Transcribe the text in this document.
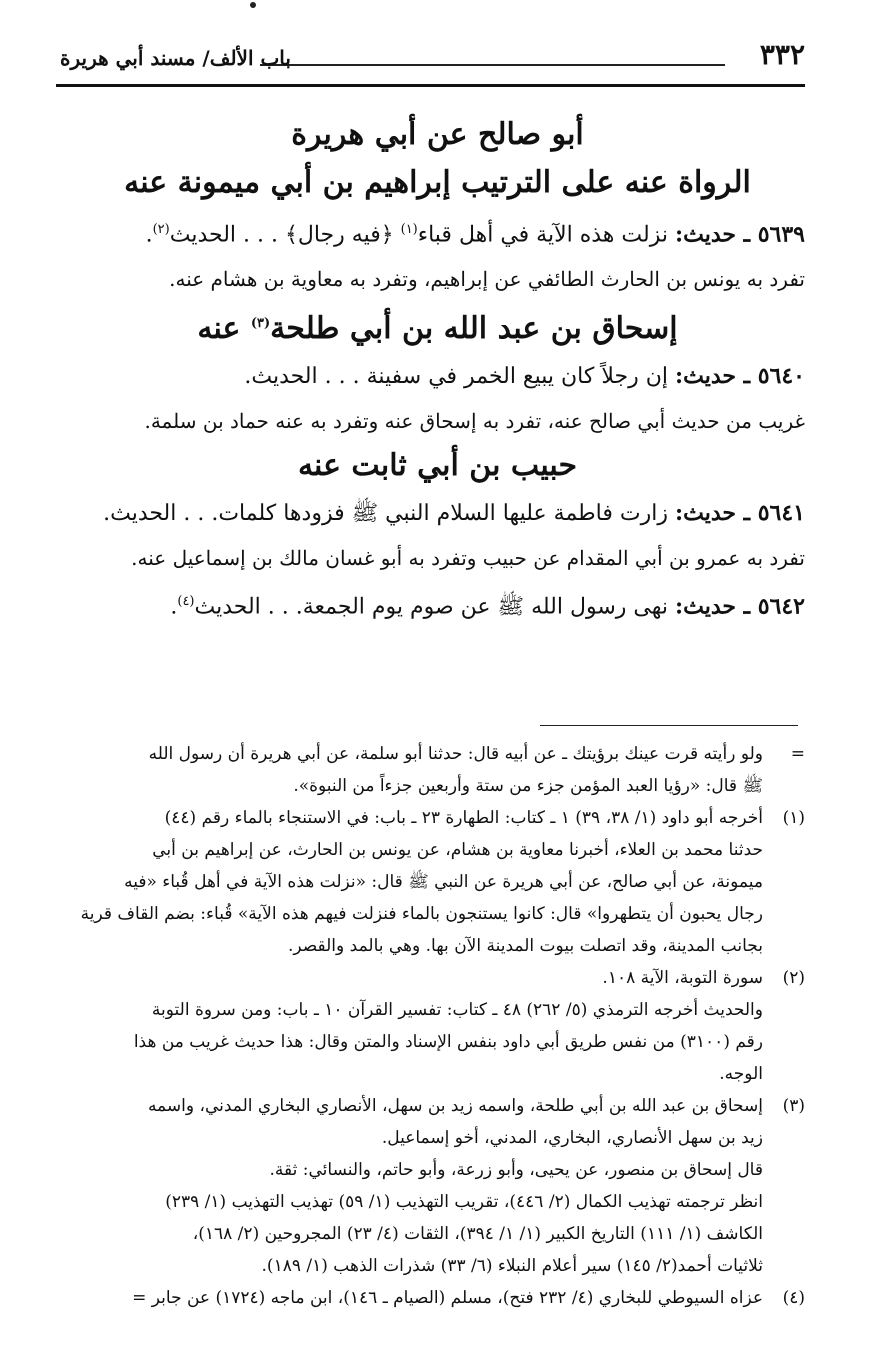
٣٣٢
باب الألف/ مسند أبي هريرة
أبو صالح عن أبي هريرة
الرواة عنه على الترتيب إبراهيم بن أبي ميمونة عنه

٥٦٣٩ ـ حديث: نزلت هذه الآية في أهل قباء$^{(١)}$ ﴿فيه رجال﴾ . . . الحديث$^{(٢)}$.

تفرد به يونس بن الحارث الطائفي عن إبراهيم، وتفرد به معاوية بن هشام عنه.

إسحاق بن عبد الله بن أبي طلحة$^{(٣)}$ عنه

٥٦٤٠ ـ حديث: إن رجلاً كان يبيع الخمر في سفينة . . . الحديث.

غريب من حديث أبي صالح عنه، تفرد به إسحاق عنه وتفرد به عنه حماد بن سلمة.

حبيب بن أبي ثابت عنه

٥٦٤١ ـ حديث: زارت فاطمة عليها السلام النبي ﷺ فزودها كلمات. . . الحديث.

تفرد به عمرو بن أبي المقدام عن حبيب وتفرد به أبو غسان مالك بن إسماعيل عنه.

٥٦٤٢ ـ حديث: نهى رسول الله ﷺ عن صوم يوم الجمعة. . . الحديث$^{(٤)}$.

=
ولو رأيته قرت عينك برؤيتك ـ عن أبيه قال: حدثنا أبو سلمة، عن أبي هريرة أن رسول الله
ﷺ قال: «رؤيا العبد المؤمن جزء من ستة وأربعين جزءاً من النبوة».
(١)
أخرجه أبو داود (١/ ٣٨، ٣٩) ١ ـ كتاب: الطهارة ٢٣ ـ باب: في الاستنجاء بالماء رقم (٤٤)
حدثنا محمد بن العلاء، أخبرنا معاوية بن هشام، عن يونس بن الحارث، عن إبراهيم بن أبي
ميمونة، عن أبي صالح، عن أبي هريرة عن النبي ﷺ قال: «نزلت هذه الآية في أهل قُباء «فيه
رجال يحبون أن يتطهروا» قال: كانوا يستنجون بالماء فنزلت فيهم هذه الآية» قُباء: بضم القاف قرية
بجانب المدينة، وقد اتصلت بيوت المدينة الآن بها. وهي بالمد والقصر.
(٢)
سورة التوبة، الآية ١٠٨.
والحديث أخرجه الترمذي (٥/ ٢٦٢) ٤٨ ـ كتاب: تفسير القرآن ١٠ ـ باب: ومن سروة التوبة
رقم (٣١٠٠) من نفس طريق أبي داود بنفس الإسناد والمتن وقال: هذا حديث غريب من هذا
الوجه.
(٣)
إسحاق بن عبد الله بن أبي طلحة، واسمه زيد بن سهل، الأنصاري البخاري المدني، واسمه
زيد بن سهل الأنصاري، البخاري، المدني، أخو إسماعيل.
قال إسحاق بن منصور، عن يحيى، وأبو زرعة، وأبو حاتم، والنسائي: ثقة.
انظر ترجمته تهذيب الكمال (٢/ ٤٤٦)، تقريب التهذيب (١/ ٥٩) تهذيب التهذيب (١/ ٢٣٩)
الكاشف (١/ ١١١) التاريخ الكبير (١/ ١/ ٣٩٤)، الثقات (٤/ ٢٣) المجروحين (٢/ ١٦٨)،
ثلاثيات أحمد(٢/ ١٤٥) سير أعلام النبلاء (٦/ ٣٣) شذرات الذهب (١/ ١٨٩).
(٤)
عزاه السيوطي للبخاري (٤/ ٢٣٢ فتح)، مسلم (الصيام ـ ١٤٦)، ابن ماجه (١٧٢٤) عن جابر =
